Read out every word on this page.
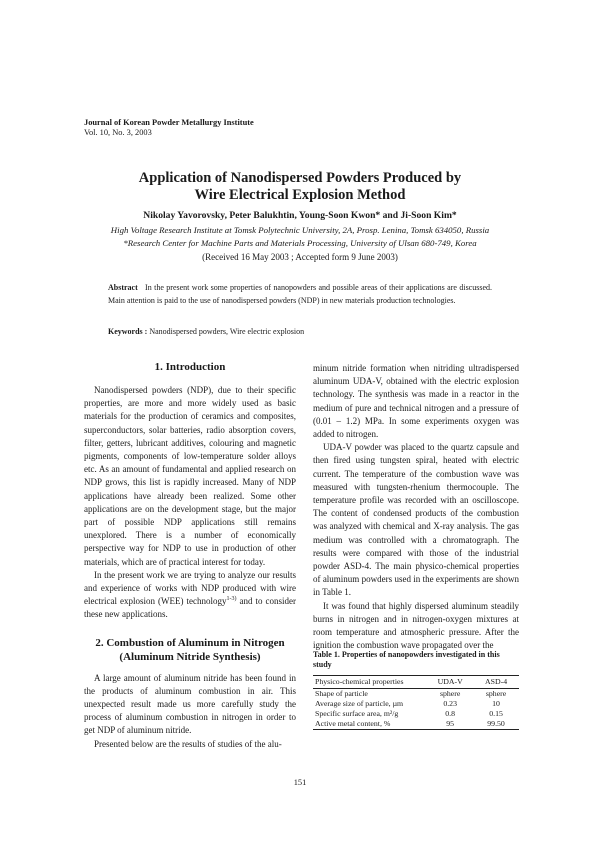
Journal of Korean Powder Metallurgy Institute
Vol. 10, No. 3, 2003
Application of Nanodispersed Powders Produced by
Wire Electrical Explosion Method
Nikolay Yavorovsky, Peter Balukhtin, Young-Soon Kwon* and Ji-Soon Kim*
High Voltage Research Institute at Tomsk Polytechnic University, 2A, Prosp. Lenina, Tomsk 634050, Russia
*Research Center for Machine Parts and Materials Processing, University of Ulsan 680-749, Korea
(Received 16 May 2003 ; Accepted form 9 June 2003)
Abstract In the present work some properties of nanopowders and possible areas of their applications are discussed. Main attention is paid to the use of nanodispersed powders (NDP) in new materials production technologies.
Keywords : Nanodispersed powders, Wire electric explosion
1. Introduction

Nanodispersed powders (NDP), due to their specific properties, are more and more widely used as basic materials for the production of ceramics and composites, superconductors, solar batteries, radio absorption covers, filter, getters, lubricant additives, colouring and magnetic pigments, components of low-temperature solder alloys etc. As an amount of fundamental and applied research on NDP grows, this list is rapidly increased. Many of NDP applications have already been realized. Some other applications are on the development stage, but the major part of possible NDP applications still remains unexplored. There is a number of economically perspective way for NDP to use in production of other materials, which are of practical interest for today.

In the present work we are trying to analyze our results and experience of works with NDP produced with wire electrical explosion (WEE) technology$^{1-3)}$ and to consider these new applications.

2. Combustion of Aluminum in Nitrogen
(Aluminum Nitride Synthesis)

A large amount of aluminum nitride has been found in the products of aluminum combustion in air. This unexpected result made us more carefully study the process of aluminum combustion in nitrogen in order to get NDP of aluminum nitride.

Presented below are the results of studies of the alu-

minum nitride formation when nitriding ultradispersed aluminum UDA-V, obtained with the electric explosion technology. The synthesis was made in a reactor in the medium of pure and technical nitrogen and a pressure of (0.01 – 1.2) MPa. In some experiments oxygen was added to nitrogen.

UDA-V powder was placed to the quartz capsule and then fired using tungsten spiral, heated with electric current. The temperature of the combustion wave was measured with tungsten-rhenium thermocouple. The temperature profile was recorded with an oscilloscope. The content of condensed products of the combustion was analyzed with chemical and X-ray analysis. The gas medium was controlled with a chromatograph. The results were compared with those of the industrial powder ASD-4. The main physico-chemical properties of aluminum powders used in the experiments are shown in Table 1.

It was found that highly dispersed aluminum steadily burns in nitrogen and in nitrogen-oxygen mixtures at room temperature and atmospheric pressure. After the ignition the combustion wave propagated over the

Table 1. Properties of nanopowders investigated in this study
Physico-chemical properties	UDA-V	ASD-4
Shape of particle	sphere	sphere
Average size of particle, µm	0.23	10
Specific surface area, m²/g	0.8	0.15
Active metal content, %	95	99.50
151
